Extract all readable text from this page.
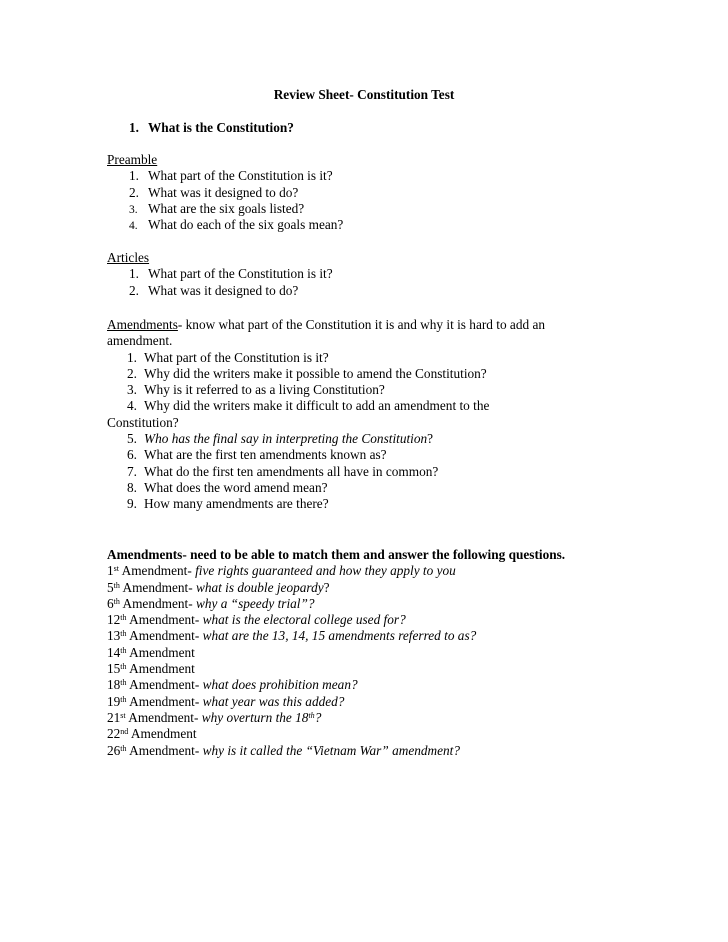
Review Sheet- Constitution Test
1. What is the Constitution?
Preamble
1. What part of the Constitution is it?
2. What was it designed to do?
3. What are the six goals listed?
4. What do each of the six goals mean?
Articles
1. What part of the Constitution is it?
2. What was it designed to do?
Amendments- know what part of the Constitution it is and why it is hard to add an
amendment.
1. What part of the Constitution is it?
2. Why did the writers make it possible to amend the Constitution?
3. Why is it referred to as a living Constitution?
4. Why did the writers make it difficult to add an amendment to the
Constitution?
5. Who has the final say in interpreting the Constitution?
6. What are the first ten amendments known as?
7. What do the first ten amendments all have in common?
8. What does the word amend mean?
9. How many amendments are there?
Amendments- need to be able to match them and answer the following questions.
1st Amendment- five rights guaranteed and how they apply to you
5th Amendment- what is double jeopardy?
6th Amendment- why a “speedy trial”?
12th Amendment- what is the electoral college used for?
13th Amendment- what are the 13, 14, 15 amendments referred to as?
14th Amendment
15th Amendment
18th Amendment- what does prohibition mean?
19th Amendment- what year was this added?
21st Amendment- why overturn the 18th?
22nd Amendment
26th Amendment- why is it called the “Vietnam War” amendment?
